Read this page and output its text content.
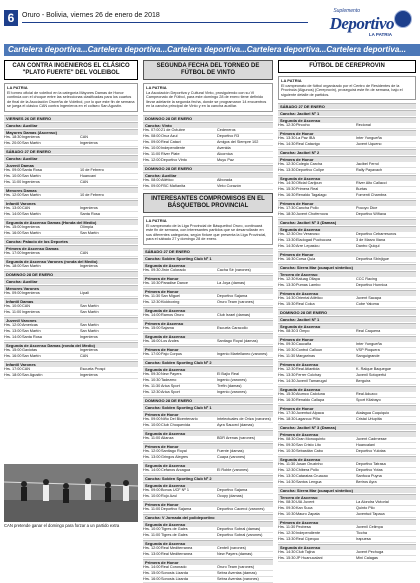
6	Oruro - Bolivia, viernes 26 de enero de 2018
Suplemento
Deportivo
LA PATRIA
Cartelera deportiva...Cartelera deportiva...Cartelera deportiva...Cartelera deportiva...Cartelera deportiva...
CAN CONTRA INGENIEROS EL CLÁSICO "PLATO FUERTE" DEL VOLEIBOL
LA PATRIA
El torneo oficial de voleibol en la categoría Máyores Damas de Honor continúa con el choque entre las seleccionas clasificadas para los cuartos de final de la Asociación Orureña de Voleibol, por lo que este fin de semana se juega el clásico CAN contra Ingenieros en el coliseo San Agustín.
VIERNES 26 DE ENERO
Cancha: Auxiliar
Mayores Damas (Ascenso)
Hrs. 18:30 Ingenieros	CAN
Hrs. 20:00 San Martín	Ingenieros
SÁBADO 27 DE ENERO
Cancha: Auxiliar
Juvenil Damas
Hrs. 09:00 Santa Rosa	10 de Febrero
Hrs. 10:00 San Martín	Huancaní
Hrs. 11:00 Ingenieros	CAN
Menores Damas
Hrs. 12:00 San Martín	10 de Febrero
Infantil Varones
Hrs. 13:00 CAN	Ingenieros
Hrs. 14:00 San Martín	Santa Rosa
Segunda de Ascenso Damas (Honda del Medio)
Hrs. 15:00 Ingenieros	Olímpia
Hrs. 16:00 San Martín	San Martín
Cancha: Palacio de los Deportes
Primera de Ascenso Damas
Hrs. 17:00 Ingenieros	CAN
Segunda de Ascenso Varones (ronda del Medio)
Hrs. 18:00 San Martín	Ingenieros
DOMINGO 28 DE ENERO
Cancha: Auxiliar
Menores Varones
Hrs. 09:00 Ingenieros	Lipali
Infantil Damas
Hrs. 10:00 CAN	San Martín
Hrs. 11:00 Ingenieros	San Martín
Juvenil Varones
Hrs. 12:00 Americas	San Martín
Hrs. 13:00 San Martín	San Martín
Hrs. 14:00 Santa Rosa	Ingenieros
Segunda de Ascenso Damas (ronda del Medio)
Hrs. 15:00 Gaviotas	Ingenieros
Hrs. 16:00 San Martín	CAN
Infantil Varones
Hrs. 17:00 CAN	Escuela Prospi
Hrs. 18:00 San Agustín	Ingenieros
CAN pretende ganar el domingo para forzar a un partido extra
SEGUNDA FECHA DEL TORNEO DE FÚTBOL DE VINTO
LA PATRIA
La Asociación Deportiva y Cultural Vinto, prosiguiendo con su VI Campeonato de Fútbol, para este domingo 28 de enero tiene definido llevar adelante la segunda fecha, donde se programaron 14 encuentros en la cancha principal de Vinto y en la cancha auxiliar.
DOMINGO 28 DE ENERO
Cancha: Vinto
Hrs. 07:00 21 de Octubre	Cedeneros
Hrs. 08:00 Oruz Azul	Deportivo R3
Hrs. 09:00 Real Catavi	Amigos del Siempre 102
Hrs. 10:00 Independiente	Avenida
Hrs. 11:00 River Plate	Alcornica
Hrs. 12:00 Deportivo Vinto	Muyu Paz
DOMINGO 28 DE ENERO
Cancha: Auxiliar
Hrs. 08:00 Atlético	Alborada
Hrs. 09:00 FBC Mañanita	Vinto Corazón
INTERESANTES COMPROMISOS EN EL BÁSQUETBOL PROVINCIAL
LA PATRIA
El campeonato de la Liga Provincial de Básquetbol Oruro, continuará este fin de semana, con interesantes partidos que se desarrollarán en sus diferentes categorías, según fixture que presenta la Liga Provincial, para el sábado 27 y domingo 28 de enero.
SÁBADO 27 DE ENERO
Cancha: Solden Sporting Club Nº 1
Segunda de Ascenso
Hrs. 09:30 Jirón Colorado	Cacha Sé (varones)
Primera de Honor
Hrs. 10:30 Paradise Dance	La Joya (damas)
Primera de Honor
Hrs. 11:30 San Miguel	Deportivo Sajama
Hrs. 12:30 Kickboxing	Oruro Team (varones)
Segunda de Ascenso
Hrs. 14:00 Ramos Oruro	Club Israel (damas)
Primera de Ascenso
Hrs. 15:00 Sajama	Escuela Caracollo
Segunda de Ascenso
Hrs. 16:00 Los Andes	Santiago Royal (damas)
Primera de Honor
Hrs. 17:00 Pajo Corpus	Ingenio Martellaneo (varones)
Cancha: Solden Sporting Club Nº 2
Segunda de Ascenso
Hrs. 09:30 New Payers	El Bajío Real
Hrs. 10:30 Tadezmo	Ingenio (varones)
Hrs. 11:30 Arica Sport	Trefin (damas)
Hrs. 12:30 Arica Sport	Ingenio (varones)
DOMINGO 28 DE ENERO
Cancha: Solden Sporting Club Nº 1
Primera de Honor
Hrs. 09:00 Niño Del Bicentenario	Intelectuales de Oriza (varones)
Hrs. 10:00 Club Choquevida	Ayra Sauced (damas)
Segunda de Ascenso
Hrs. 11:00 Alianza	BDR Arenas (varones)
Primera de Honor
Hrs. 12:00 Santiago Royal	Fuente (damas)
Hrs. 13:00 Gringos Alegres	Cuapa (varones)
Segunda de Ascenso
Hrs. 14:00 Cefanos Arcagua	El Roble (varones)
Cancha: Solden Sporting Club Nº 2
Segunda de Ascenso
Hrs. 09:00 Bonus UCF Nº 1	Deportivo Sajama
Hrs. 10:00 Rojo Azul	Ocopy (damas)
Primera de Honor
Hrs. 11:00 Deportivo Sajama	Deportivo Cacerol (varones)
Cancha: V Jornada del polideportivo
Segunda de Ascenso
Hrs. 10:00 Tigres de Gales	Deportivo Sobral (damas)
Hrs. 11:00 Tigres de Gales	Deportivo Sobral (varones)
Segunda de Ascenso
Hrs. 12:00 Real Mediterranea	Centell (varones)
Hrs. 13:00 Real Mediterranea	New Payers (damas)
Primera de Honor
Hrs. 14:00 Real Coronado	Oruro Team (varones)
Hrs. 15:00 Sonosis Lizarda	Sebra Aventas (damas)
Hrs. 16:00 Sonosis Lizarda	Sebra Aventas (varones)
FÚTBOL DE CEREPROVIN
LA PATRIA
El campeonato de fútbol organizado por el Centro de Residentes de la Provincia (Algunos) (Cereprovin), proseguirá este fin de semana, bajo el siguiente detalle de partidos.
SÁBADO 27 DE ENERO
Cancha: Jacibel Nº 1
Segunda de Ascenso
Hrs. 12:30 Pinocho	Recional
Primera de Honor
Hrs. 13:30 La Paz IBA	Inter Yungueña
Hrs. 14:30 Real Catavigo	Juvent Uqueno
Cancha: Jacibel Nº 2
Primera de Honor
Hrs. 12:30 Colegio Carcha	Jacibel Ferrol
Hrs. 13:30 Deportivo Collpe	Rally Payavach
Segunda de Ascenso
Hrs. 14:30 Oficial Carijoun	River Alto Callacci
Hrs. 15:30 Primera Real	Burtas
Hrs. 16:30 Renaldo Tagalago	Fomenti Chambra
Primera de Honor
Hrs. 17:30 Cancha Pollo	Pocoyo Dice
Hrs. 18:30 Juvent Chofernova	Deportivo Wiñaxa
Cancha: Jacibel Nº 3 (Damas)
Segunda de Ascenso
Hrs. 12:30 Oro Veranoso	Deportivo Cebarresoros
Hrs. 13:30 Eladogad Pucbucura	3 de Marzo Iliana
Hrs. 14:30 Arre Lepasicu	Dantro Quiqui
Primera de Honor
Hrs. 16:30 Corsa Quia	Deportiva Sbinjigue
Cancha: Sierra Mar (cuaquel sintetico)
Tercera de Ascenso
Hrs. 12:30 Kaluag Ollapa	CCC Racing
Hrs. 13:30 Pumas Lambo	Deportivo Hunnica
Primera de Ascenso
Hrs. 14:30 Oriental Atlético	Juvent Sacapa
Hrs. 15:30 Real Colca	Cobe Yatoma
DOMINGO 28 DE ENERO
Cancha: Jacibel Nº 1
Segunda de Ascenso
Hrs. 08:30 3 Ómpo	Real Caquena
Primera de Honor
Hrs. 09:30 Caucaña	Inter Yungueña
Hrs. 10:30 Control Calluun	VSP Pioquera
Hrs. 11:30 Margarinas	Sanguigrande
Primera de Ascenso
Hrs. 12:30 Real Atlantida	K. Ralque Baquegue
Hrs. 13:30 Ferrer Colchay	Juvenil Sotoperful
Hrs. 14:30 Juvenil Tamarugal	Berguira
Segunda de Ascenso
Hrs. 15:30 Atumco Caloluna	Real Aduzco
Hrs. 16:30 Renaldo Callapa	Sport Kilabayo
Primera de Honor
Hrs. 17:30 Juventud Alpaca	Atalagua Cuquiquio
Hrs. 18:30 Lagarcuc Pilla	Cristal Uriupiita
Cancha: Jacibel Nº 3 (Damas)
Primera de Ascenso
Hrs. 08:30 Gran Monoquinto	Juvent Cadrnesse
Hrs. 09:30 San Cristo Lito	Huancalani
Hrs. 10:30 Sebastián Cabo	Deportivo Yulotas
Segunda de Ascenso
Hrs. 11:30 Jusan Oruzinho	Deportivo Tatrasa
Hrs. 12:30 Chibera Pollo	Deportivo Yotas
Hrs. 13:30 Cataratas Cruacao	Sanfoca Puyna
Hrs. 14:30 Santos Lengua	Beriros Ayra
Cancha: Sierra Mar (cuaquel sintetico)
Tercera de Ascenso
Hrs. 08:30 UIA Juvent	La Alondra Victorial
Hrs. 09:30 Kan Suca	Quinto Pilo
Hrs. 10:30 Mauro Zapata	Juventud Tapaca
Primera de Ascenso
Hrs. 11:30 Pecbesa	Juvenil Celimpa
Hrs. 12:30 Independiente	Ticcha
Hrs. 13:30 Real Cipequo	Irapuesa
Segunda de Ascenso
Hrs. 14:30 Club Tajina	Juvent Pechuga
Hrs. 15:30 JP Huanucalani	Mini Calagas
